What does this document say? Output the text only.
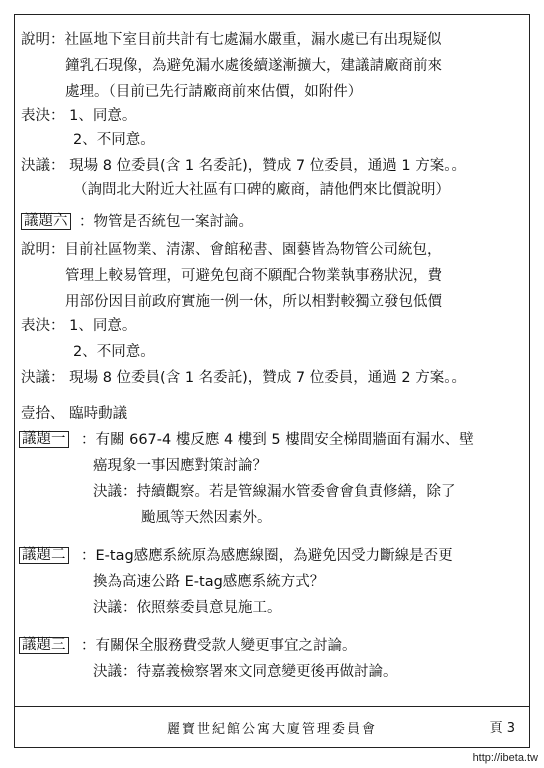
說明：社區地下室目前共計有七處漏水嚴重，漏水處已有出現疑似
鐘乳石現像，為避免漏水處後續遂漸擴大，建議請廠商前來
處理。（目前已先行請廠商前來估價，如附件）
表決： 1、同意。
2、不同意。
決議： 現場 8 位委員(含 1 名委託)，贊成 7 位委員，通過 1 方案。。
（詢問北大附近大社區有口碑的廠商，請他們來比價說明）
：物管是否統包一案討論。
說明：目前社區物業、清潔、會館秘書、園藝皆為物管公司統包，
管理上較易管理，可避免包商不願配合物業執事務狀況，費
用部份因目前政府實施一例一休，所以相對較獨立發包低價
表決： 1、同意。
2、不同意。
決議： 現場 8 位委員(含 1 名委託)，贊成 7 位委員，通過 2 方案。。
壹拾、 臨時動議
：有關 667-4 樓反應 4 樓到 5 樓間安全梯間牆面有漏水、壁
癌現象一事因應對策討論？
決議：持續觀察。若是管線漏水管委會會負責修繕，除了
颱風等天然因素外。
：E-tag感應系統原為感應線圈，為避免因受力斷線是否更
換為高速公路 E-tag感應系統方式？
決議：依照蔡委員意見施工。
：有關保全服務費受款人變更事宜之討論。
決議：待嘉義檢察署來文同意變更後再做討論。
議題六
議題一
議題二
議題三
麗寶世紀館公寓大廈管理委員會	頁 3
http://ibeta.tw
